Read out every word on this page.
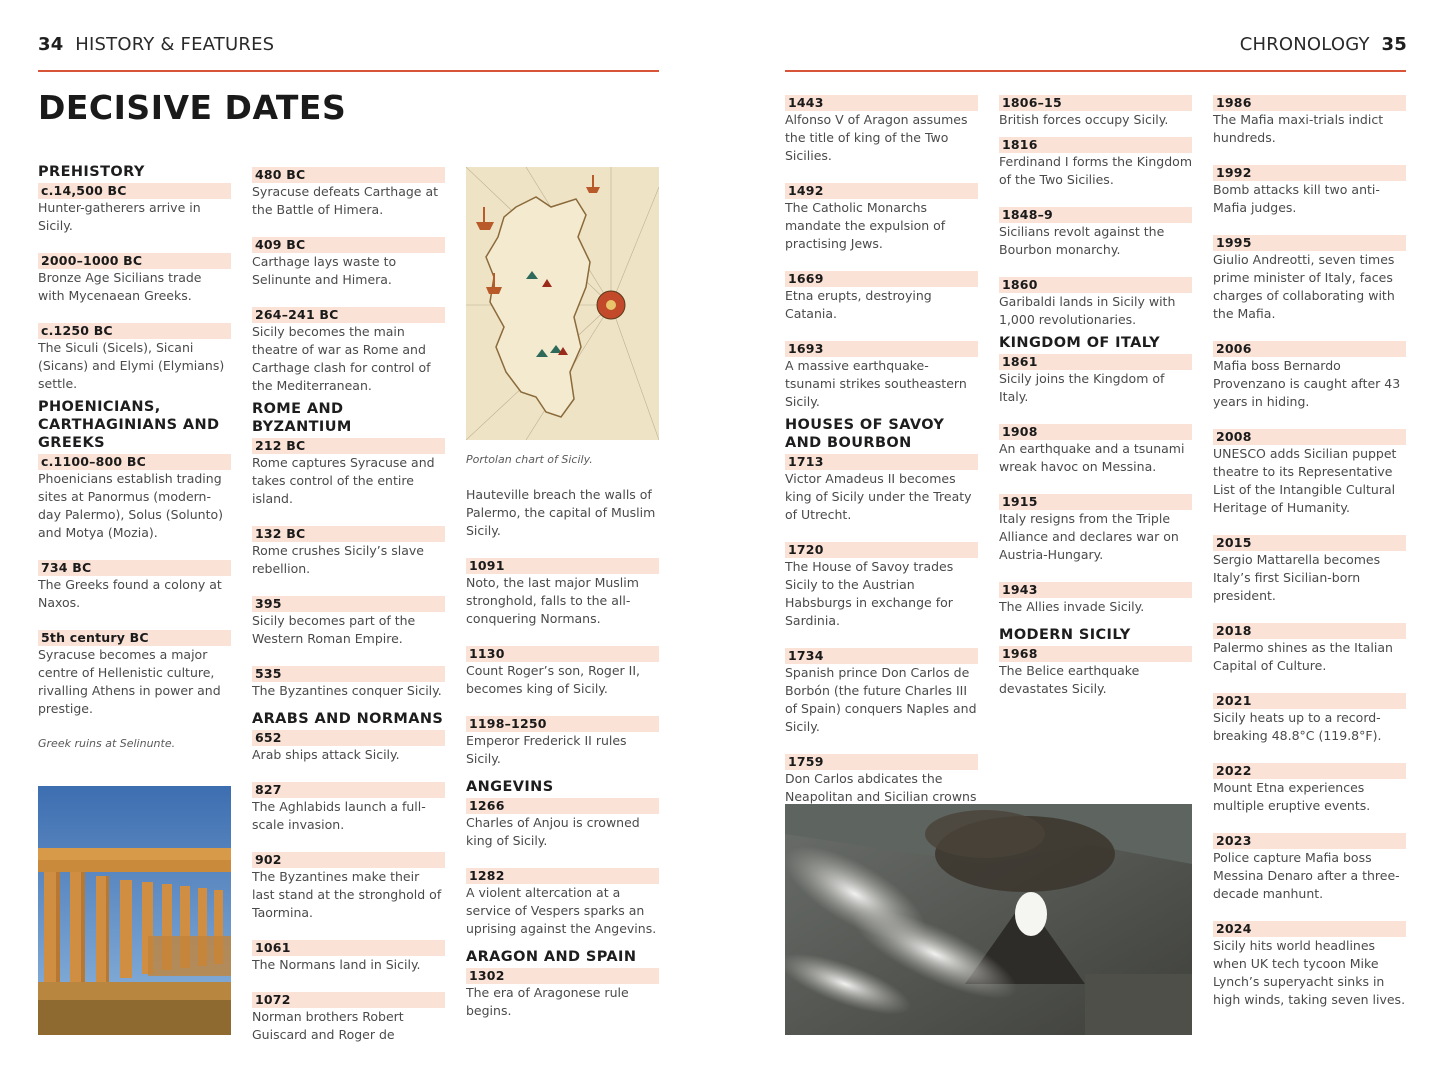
34 HISTORY & FEATURES	CHRONOLOGY 35
DECISIVE DATES
PREHISTORY
c.14,500 BC
Hunter-gatherers arrive in Sicily.
2000–1000 BC
Bronze Age Sicilians trade with Mycenaean Greeks.
c.1250 BC
The Siculi (Sicels), Sicani (Sicans) and Elymi (Elymians) settle.
PHOENICIANS, CARTHAGINIANS AND GREEKS
c.1100–800 BC
Phoenicians establish trading sites at Panormus (modern-day Palermo), Solus (Soluntο) and Motya (Mozia).
734 BC
The Greeks found a colony at Naxos.
5th century BC
Syracuse becomes a major centre of Hellenistic culture, rivalling Athens in power and prestige.
Greek ruins at Selinunte.
480 BC
Syracuse defeats Carthage at the Battle of Himera.
409 BC
Carthage lays waste to Selinunte and Himera.
264–241 BC
Sicily becomes the main theatre of war as Rome and Carthage clash for control of the Mediterranean.
ROME AND BYZANTIUM
212 BC
Rome captures Syracuse and takes control of the entire island.
132 BC
Rome crushes Sicily’s slave rebellion.
395
Sicily becomes part of the Western Roman Empire.
535
The Byzantines conquer Sicily.
ARABS AND NORMANS
652
Arab ships attack Sicily.
827
The Aghlabids launch a full-scale invasion.
902
The Byzantines make their last stand at the stronghold of Taormina.
1061
The Normans land in Sicily.
1072
Norman brothers Robert Guiscard and Roger de
Portolan chart of Sicily.
Hauteville breach the walls of Palermo, the capital of Muslim Sicily.
1091
Noto, the last major Muslim stronghold, falls to the all-conquering Normans.
1130
Count Roger’s son, Roger II, becomes king of Sicily.
1198–1250
Emperor Frederick II rules Sicily.
ANGEVINS
1266
Charles of Anjou is crowned king of Sicily.
1282
A violent altercation at a service of Vespers sparks an uprising against the Angevins.
ARAGON AND SPAIN
1302
The era of Aragonese rule begins.
1443
Alfonso V of Aragon assumes the title of king of the Two Sicilies.
1492
The Catholic Monarchs mandate the expulsion of practising Jews.
1669
Etna erupts, destroying Catania.
1693
A massive earthquake-tsunami strikes southeastern Sicily.
HOUSES OF SAVOY AND BOURBON
1713
Victor Amadeus II becomes king of Sicily under the Treaty of Utrecht.
1720
The House of Savoy trades Sicily to the Austrian Habsburgs in exchange for Sardinia.
1734
Spanish prince Don Carlos de Borbón (the future Charles III of Spain) conquers Naples and Sicily.
1759
Don Carlos abdicates the Neapolitan and Sicilian crowns
1806–15
British forces occupy Sicily.
1816
Ferdinand I forms the Kingdom of the Two Sicilies.
1848–9
Sicilians revolt against the Bourbon monarchy.
1860
Garibaldi lands in Sicily with 1,000 revolutionaries.
KINGDOM OF ITALY
1861
Sicily joins the Kingdom of Italy.
1908
An earthquake and a tsunami wreak havoc on Messina.
1915
Italy resigns from the Triple Alliance and declares war on Austria-Hungary.
1943
The Allies invade Sicily.
MODERN SICILY
1968
The Belice earthquake devastates Sicily.
1986
The Mafia maxi-trials indict hundreds.
1992
Bomb attacks kill two anti-Mafia judges.
1995
Giulio Andreotti, seven times prime minister of Italy, faces charges of collaborating with the Mafia.
2006
Mafia boss Bernardo Provenzano is caught after 43 years in hiding.
2008
UNESCO adds Sicilian puppet theatre to its Representative List of the Intangible Cultural Heritage of Humanity.
2015
Sergio Mattarella becomes Italy’s first Sicilian-born president.
2018
Palermo shines as the Italian Capital of Culture.
2021
Sicily heats up to a record-breaking 48.8°C (119.8°F).
2022
Mount Etna experiences multiple eruptive events.
2023
Police capture Mafia boss Messina Denaro after a three-decade manhunt.
2024
Sicily hits world headlines when UK tech tycoon Mike Lynch’s superyacht sinks in high winds, taking seven lives.
